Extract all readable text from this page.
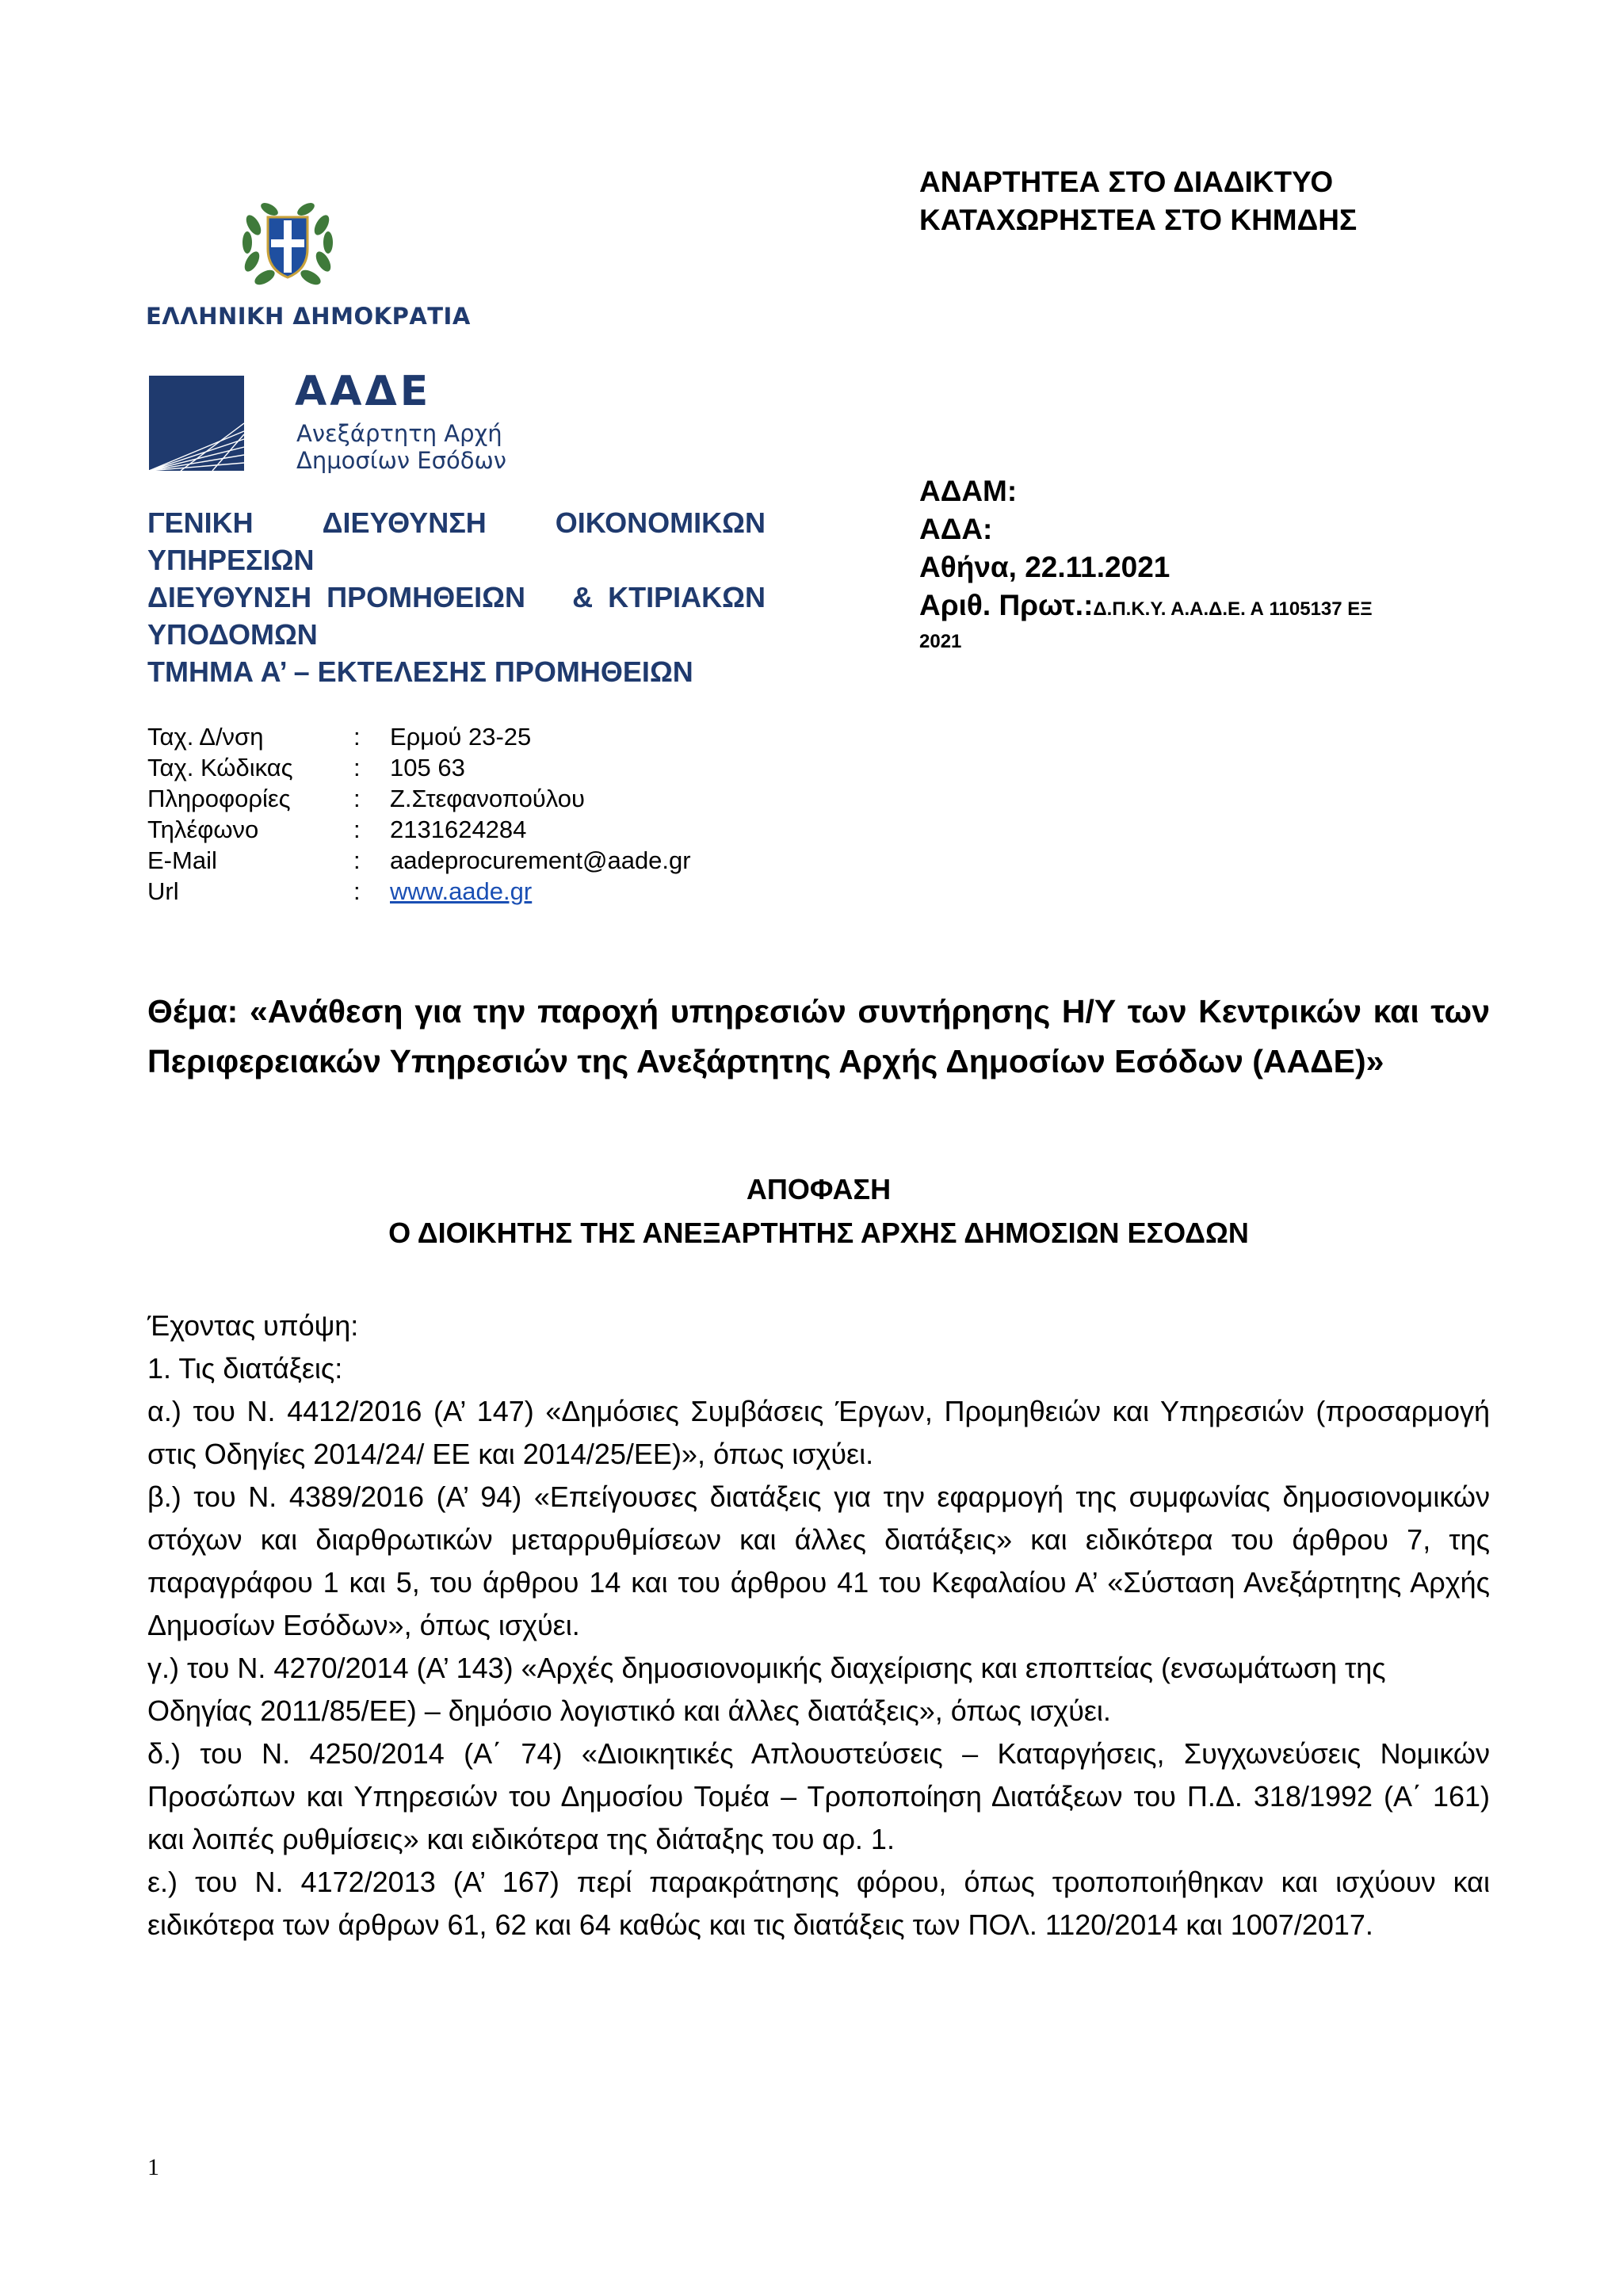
ΑΝΑΡΤΗΤΕΑ ΣΤΟ ΔΙΑΔΙΚΤΥΟ
ΚΑΤΑΧΩΡΗΣΤΕΑ ΣΤΟ ΚΗΜΔΗΣ
ΕΛΛΗΝΙΚΗ ΔΗΜΟΚΡΑΤΙΑ
ΑΑΔΕ
Ανεξάρτητη Αρχή
Δημοσίων Εσόδων
ΑΔΑΜ:
ΑΔΑ:
Αθήνα, 22.11.2021
Αριθ. Πρωτ.:Δ.Π.Κ.Υ. Α.Α.Δ.Ε. Α 1105137 ΕΞ
2021
ΓΕΝΙΚΗ ΔΙΕΥΘΥΝΣΗ ΟΙΚΟΝΟΜΙΚΩΝ
ΥΠΗΡΕΣΙΩΝ
ΔΙΕΥΘΥΝΣΗ ΠΡΟΜΗΘΕΙΩΝ & ΚΤΙΡΙΑΚΩΝ
ΥΠΟΔΟΜΩΝ
ΤΜΗΜΑ Α’ – ΕΚΤΕΛΕΣΗΣ ΠΡΟΜΗΘΕΙΩΝ
Ταχ. Δ/νση	:	Ερμού 23-25
Ταχ. Κώδικας	:	105 63
Πληροφορίες	:	Ζ.Στεφανοπούλου
Τηλέφωνο	:	2131624284
E-Mail	:	aadeprocurement@aade.gr
Url	:	www.aade.gr
Θέμα: «Ανάθεση για την παροχή υπηρεσιών συντήρησης Η/Υ των Κεντρικών και των Περιφερειακών Υπηρεσιών της Ανεξάρτητης Αρχής Δημοσίων Εσόδων (ΑΑΔΕ)»
ΑΠΟΦΑΣΗ
Ο ΔΙΟΙΚΗΤΗΣ ΤΗΣ ΑΝΕΞΑΡΤΗΤΗΣ ΑΡΧΗΣ ΔΗΜΟΣΙΩΝ ΕΣΟΔΩΝ

Έχοντας υπόψη:

1. Τις διατάξεις:

α.) του Ν. 4412/2016 (Α’ 147) «Δημόσιες Συμβάσεις Έργων, Προμηθειών και Υπηρεσιών (προσαρμογή στις Οδηγίες 2014/24/ ΕΕ και 2014/25/ΕΕ)», όπως ισχύει.

β.) του Ν. 4389/2016 (Α’ 94) «Επείγουσες διατάξεις για την εφαρμογή της συμφωνίας δημοσιονομικών στόχων και διαρθρωτικών μεταρρυθμίσεων και άλλες διατάξεις» και ειδικότερα του άρθρου 7, της παραγράφου 1 και 5, του άρθρου 14 και του άρθρου 41 του Κεφαλαίου Α’ «Σύσταση Ανεξάρτητης Αρχής Δημοσίων Εσόδων», όπως ισχύει.

γ.) του Ν. 4270/2014 (Α’ 143) «Αρχές δημοσιονομικής διαχείρισης και εποπτείας (ενσωμάτωση της

Οδηγίας 2011/85/ΕΕ) – δημόσιο λογιστικό και άλλες διατάξεις», όπως ισχύει.

δ.) του Ν. 4250/2014 (Α΄ 74) «Διοικητικές Απλουστεύσεις – Καταργήσεις, Συγχωνεύσεις Νομικών Προσώπων και Υπηρεσιών του Δημοσίου Τομέα – Τροποποίηση Διατάξεων του Π.Δ. 318/1992 (Α΄ 161) και λοιπές ρυθμίσεις» και ειδικότερα της διάταξης του αρ. 1.

ε.) του Ν. 4172/2013 (Α’ 167) περί παρακράτησης φόρου, όπως τροποποιήθηκαν και ισχύουν και ειδικότερα των άρθρων 61, 62 και 64 καθώς και τις διατάξεις των ΠΟΛ. 1120/2014 και 1007/2017.

1
